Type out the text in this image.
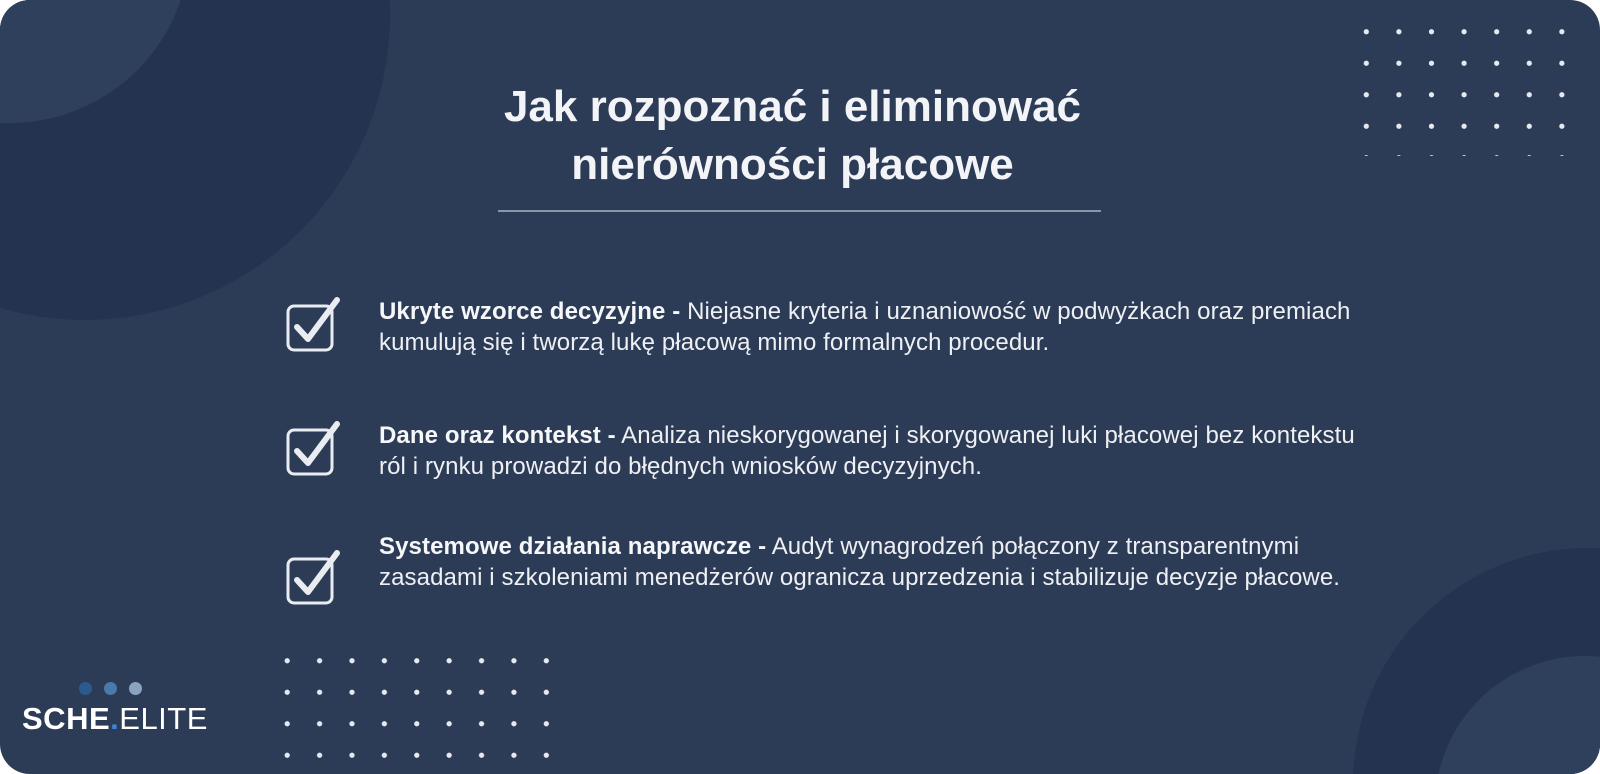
Jak rozpoznać i eliminować
nierówności płacowe

Ukryte wzorce decyzyjne - Niejasne kryteria i uznaniowość w podwyżkach oraz premiach kumulują się i tworzą lukę płacową mimo formalnych procedur.

Dane oraz kontekst - Analiza nieskorygowanej i skorygowanej luki płacowej bez kontekstu ról i rynku prowadzi do błędnych wniosków decyzyjnych.

Systemowe działania naprawcze - Audyt wynagrodzeń połączony z transparentnymi zasadami i szkoleniami menedżerów ogranicza uprzedzenia i stabilizuje decyzje płacowe.

SCHE.ELITE
